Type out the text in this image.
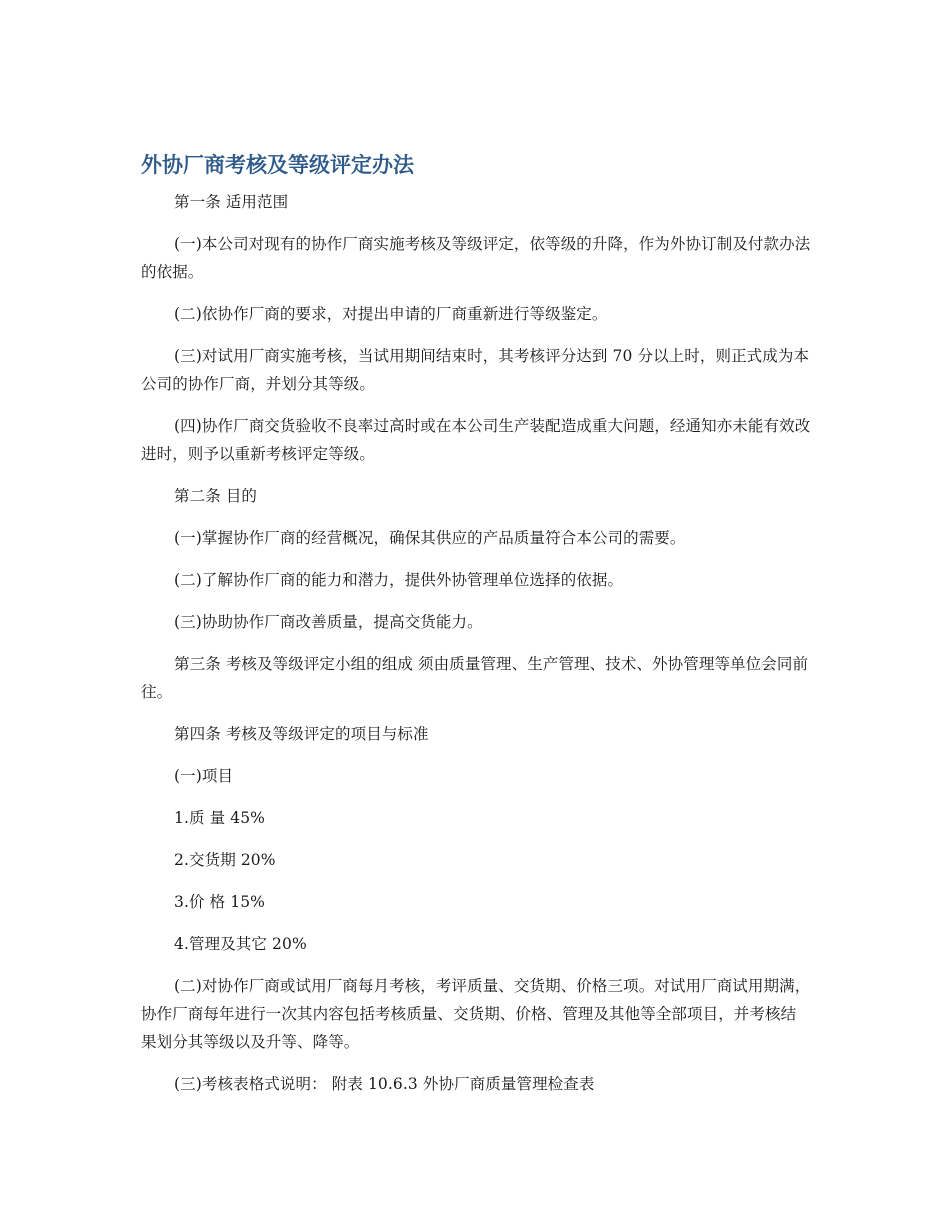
外协厂商考核及等级评定办法

第一条 适用范围

(一)本公司对现有的协作厂商实施考核及等级评定，依等级的升降，作为外协订制及付款办法的依据。

(二)依协作厂商的要求，对提出申请的厂商重新进行等级鉴定。

(三)对试用厂商实施考核，当试用期间结束时，其考核评分达到 70 分以上时，则正式成为本公司的协作厂商，并划分其等级。

(四)协作厂商交货验收不良率过高时或在本公司生产装配造成重大问题，经通知亦未能有效改进时，则予以重新考核评定等级。

第二条 目的

(一)掌握协作厂商的经营概况，确保其供应的产品质量符合本公司的需要。

(二)了解协作厂商的能力和潜力，提供外协管理单位选择的依据。

(三)协助协作厂商改善质量，提高交货能力。

第三条 考核及等级评定小组的组成 须由质量管理、生产管理、技术、外协管理等单位会同前往。

第四条 考核及等级评定的项目与标准

(一)项目

1.质 量 45%

2.交货期 20%

3.价 格 15%

4.管理及其它 20%

(二)对协作厂商或试用厂商每月考核，考评质量、交货期、价格三项。对试用厂商试用期满，协作厂商每年进行一次其内容包括考核质量、交货期、价格、管理及其他等全部项目，并考核结果划分其等级以及升等、降等。

(三)考核表格式说明： 附表 10.6.3 外协厂商质量管理检查表
